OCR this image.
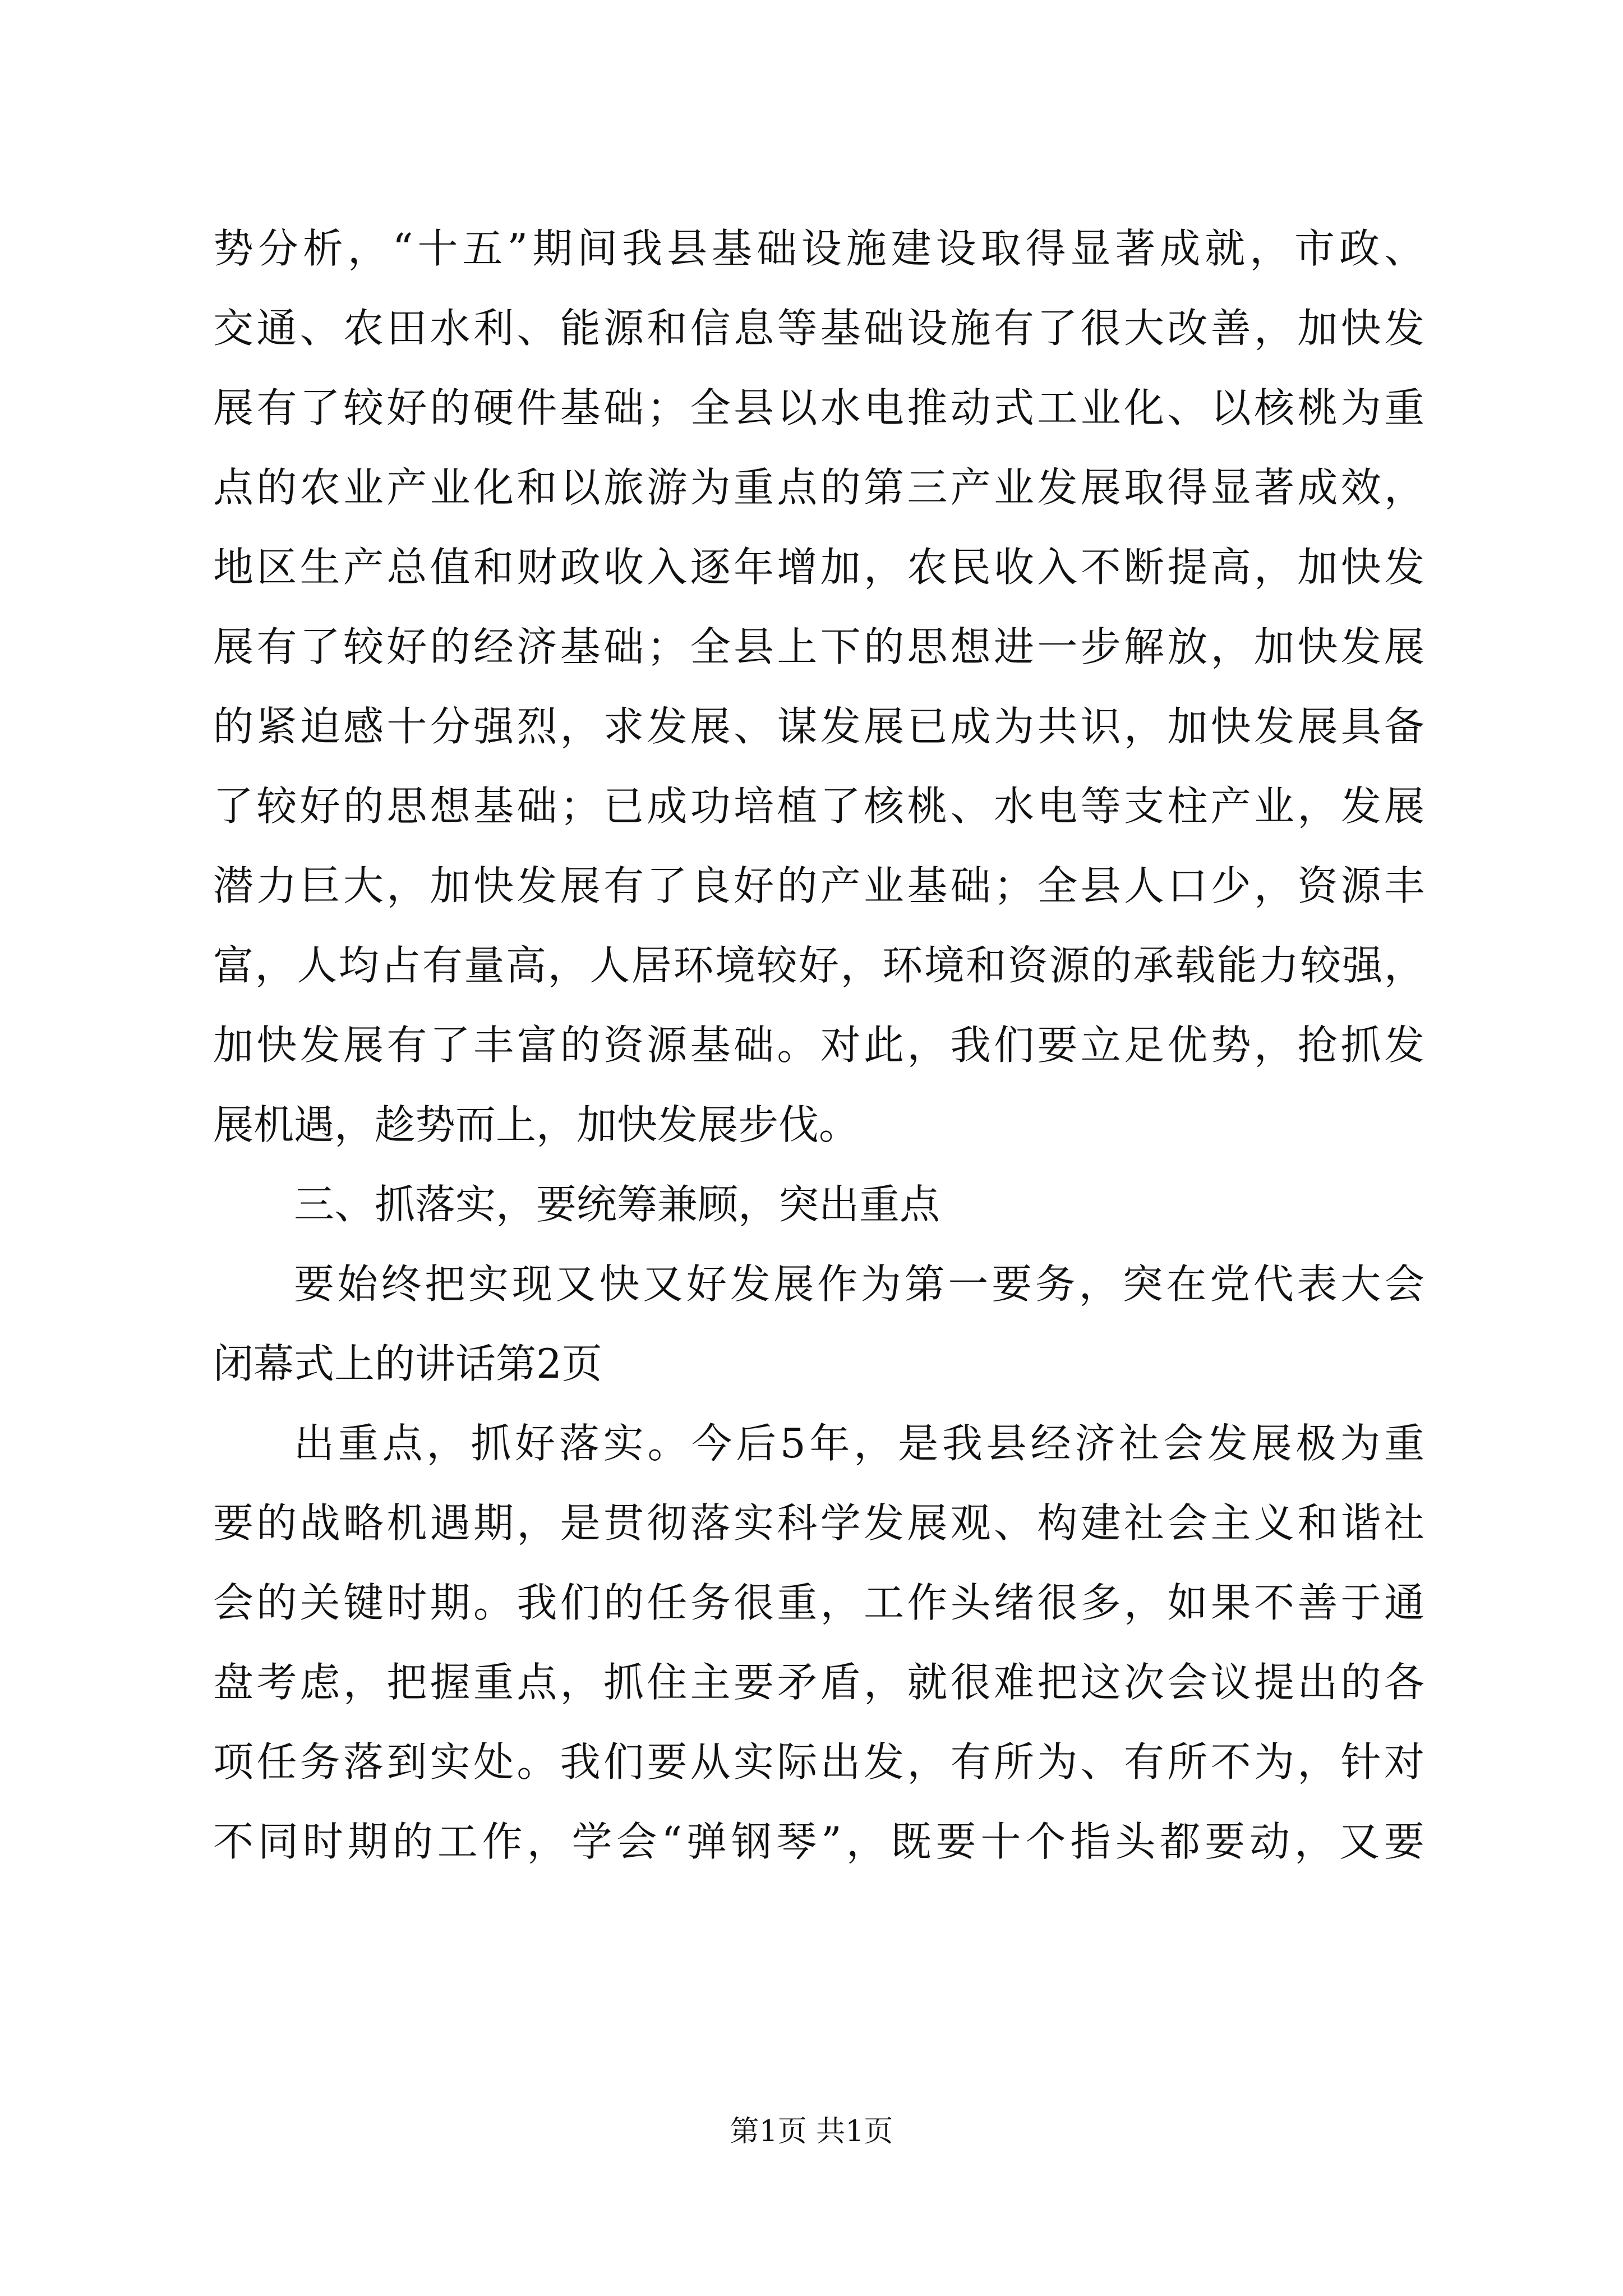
势分析，“十五”期间我县基础设施建设取得显著成就，市政、
交通、农田水利、能源和信息等基础设施有了很大改善，加快发
展有了较好的硬件基础；全县以水电推动式工业化、以核桃为重
点的农业产业化和以旅游为重点的第三产业发展取得显著成效，
地区生产总值和财政收入逐年增加，农民收入不断提高，加快发
展有了较好的经济基础；全县上下的思想进一步解放，加快发展
的紧迫感十分强烈，求发展、谋发展已成为共识，加快发展具备
了较好的思想基础；已成功培植了核桃、水电等支柱产业，发展
潜力巨大，加快发展有了良好的产业基础；全县人口少，资源丰
富，人均占有量高，人居环境较好，环境和资源的承载能力较强，
加快发展有了丰富的资源基础。对此，我们要立足优势，抢抓发
展机遇，趁势而上，加快发展步伐。
三、抓落实，要统筹兼顾，突出重点
要始终把实现又快又好发展作为第一要务，突在党代表大会
闭幕式上的讲话第2页
出重点，抓好落实。今后5年，是我县经济社会发展极为重
要的战略机遇期，是贯彻落实科学发展观、构建社会主义和谐社
会的关键时期。我们的任务很重，工作头绪很多，如果不善于通
盘考虑，把握重点，抓住主要矛盾，就很难把这次会议提出的各
项任务落到实处。我们要从实际出发，有所为、有所不为，针对
不同时期的工作，学会“弹钢琴”，既要十个指头都要动，又要
第1页 共1页
